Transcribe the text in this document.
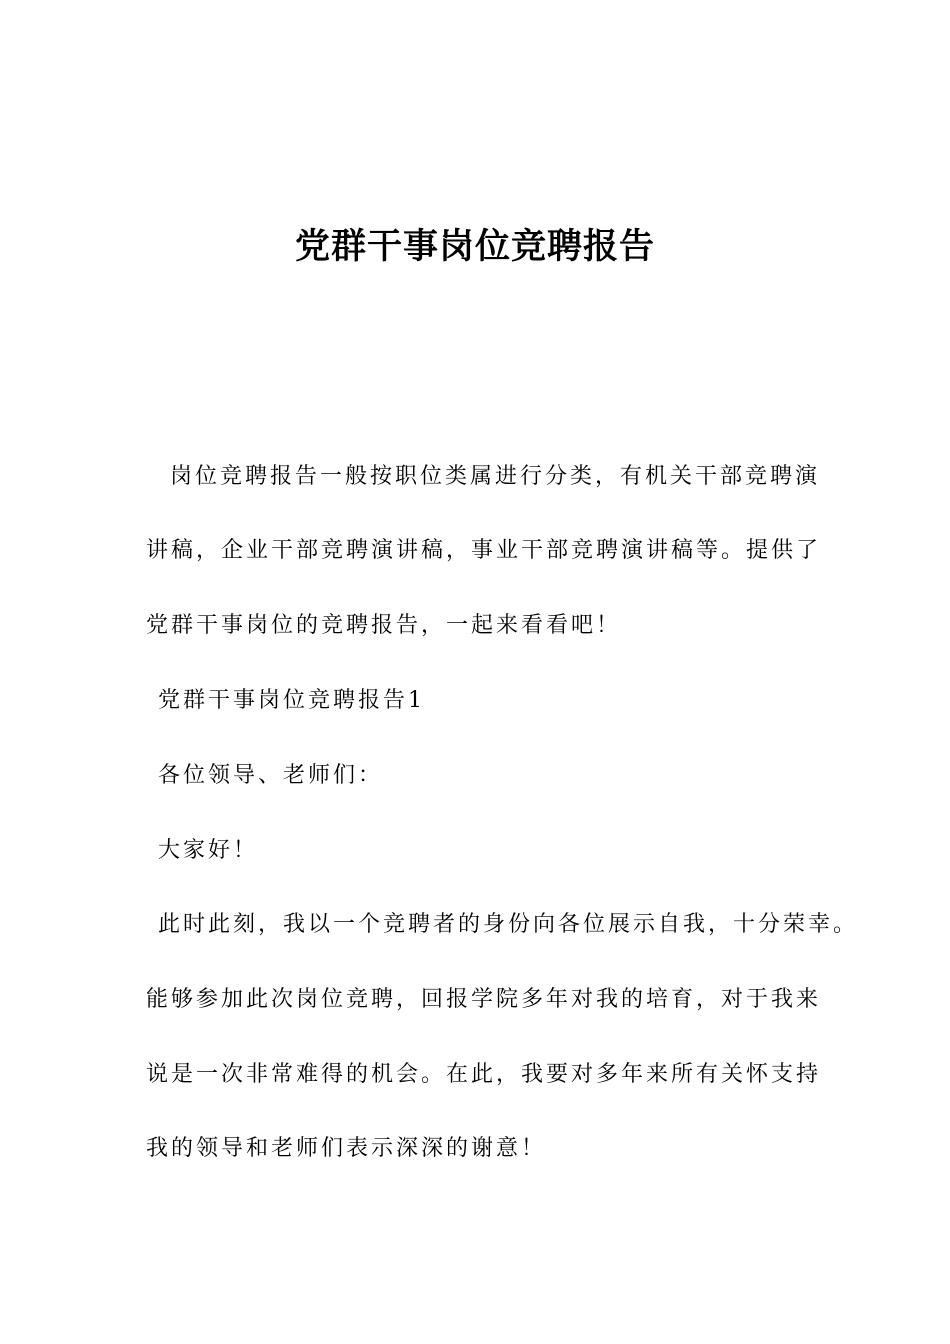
党群干事岗位竞聘报告

岗位竞聘报告一般按职位类属进行分类，有机关干部竞聘演

讲稿，企业干部竞聘演讲稿，事业干部竞聘演讲稿等。提供了

党群干事岗位的竞聘报告，一起来看看吧！

党群干事岗位竞聘报告1

各位领导、老师们：

大家好！

此时此刻，我以一个竞聘者的身份向各位展示自我，十分荣幸。

能够参加此次岗位竞聘，回报学院多年对我的培育，对于我来

说是一次非常难得的机会。在此，我要对多年来所有关怀支持

我的领导和老师们表示深深的谢意！
